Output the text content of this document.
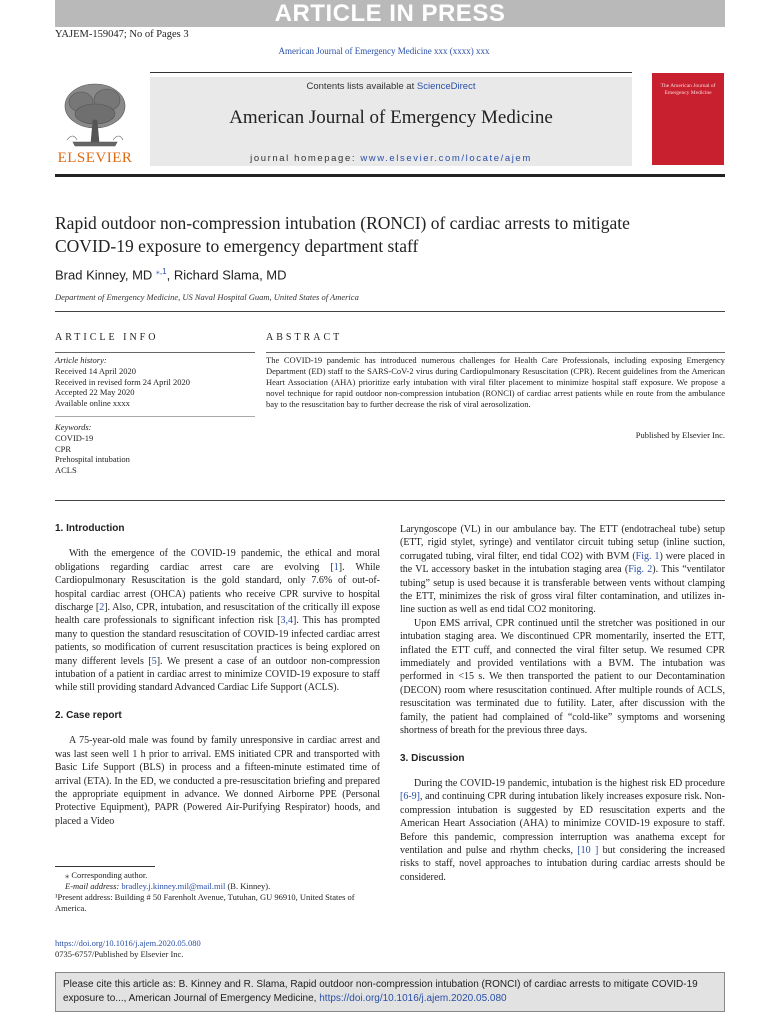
ARTICLE IN PRESS
YAJEM-159047; No of Pages 3
American Journal of Emergency Medicine xxx (xxxx) xxx
ELSEVIER
Contents lists available at ScienceDirect
American Journal of Emergency Medicine
journal homepage: www.elsevier.com/locate/ajem
The American Journal of Emergency Medicine
Rapid outdoor non-compression intubation (RONCI) of cardiac arrests to mitigate COVID-19 exposure to emergency department staff
Brad Kinney, MD $^{⁎,1}$, Richard Slama, MD
Department of Emergency Medicine, US Naval Hospital Guam, United States of America
ARTICLE INFO	ABSTRACT
Article history:
Received 14 April 2020
Received in revised form 24 April 2020
Accepted 22 May 2020
Available online xxxx
Keywords:
COVID-19
CPR
Prehospital intubation
ACLS
The COVID-19 pandemic has introduced numerous challenges for Health Care Professionals, including exposing Emergency Department (ED) staff to the SARS-CoV-2 virus during Cardiopulmonary Resuscitation (CPR). Recent guidelines from the American Heart Association (AHA) prioritize early intubation with viral filter placement to minimize hospital staff exposure. We propose a novel technique for rapid outdoor non-compression intubation (RONCI) of cardiac arrest patients while en route from the ambulance bay to the resuscitation bay to further decrease the risk of viral aerosolization.
Published by Elsevier Inc.
1. Introduction

With the emergence of the COVID-19 pandemic, the ethical and moral obligations regarding cardiac arrest care are evolving [1]. While Cardiopulmonary Resuscitation is the gold standard, only 7.6% of out-of-hospital cardiac arrest (OHCA) patients who receive CPR survive to hospital discharge [2]. Also, CPR, intubation, and resuscitation of the critically ill expose health care professionals to significant infection risk [3,4]. This has prompted many to question the standard resuscitation of COVID-19 infected cardiac arrest patients, so modification of current resuscitation practices is being explored on many different levels [5]. We present a case of an outdoor non-compression intubation of a patient in cardiac arrest to minimize COVID-19 exposure to staff while still providing standard Advanced Cardiac Life Support (ACLS).

2. Case report

A 75-year-old male was found by family unresponsive in cardiac arrest and was last seen well 1 h prior to arrival. EMS initiated CPR and transported with Basic Life Support (BLS) in process and a fifteen-minute estimated time of arrival (ETA). In the ED, we conducted a pre-resuscitation briefing and prepared the appropriate equipment in advance. We donned Airborne PPE (Personal Protective Equipment), PAPR (Powered Air-Purifying Respirator) hoods, and placed a Video

Laryngoscope (VL) in our ambulance bay. The ETT (endotracheal tube) setup (ETT, rigid stylet, syringe) and ventilator circuit tubing setup (inline suction, corrugated tubing, viral filter, end tidal CO2) with BVM (Fig. 1) were placed in the VL accessory basket in the intubation staging area (Fig. 2). This “ventilator tubing” setup is used because it is transferable between vents without clamping the ETT, minimizes the risk of gross viral filter contamination, and utilizes in-line suction as well as end tidal CO2 monitoring.

Upon EMS arrival, CPR continued until the stretcher was positioned in our intubation staging area. We discontinued CPR momentarily, inserted the ETT, inflated the ETT cuff, and connected the viral filter setup. We resumed CPR immediately and provided ventilations with a BVM. The intubation was performed in <15 s. We then transported the patient to our Decontamination (DECON) room where resuscitation continued. After multiple rounds of ACLS, resuscitation was terminated due to futility. Later, after discussion with the family, the patient had complained of “cold-like” symptoms and worsening shortness of breath for the previous three days.

3. Discussion

During the COVID-19 pandemic, intubation is the highest risk ED procedure [6-9], and continuing CPR during intubation likely increases exposure risk. Non-compression intubation is suggested by ED resuscitation experts and the American Heart Association (AHA) to minimize COVID-19 exposure to staff. Before this pandemic, compression interruption was anathema except for ventilation and pulse and rhythm checks, [10 ] but considering the increased risks to staff, novel approaches to intubation during cardiac arrests should be considered.

⁎ Corresponding author.
E-mail address: bradley.j.kinney.mil@mail.mil (B. Kinney).
¹Present address: Building # 50 Farenholt Avenue, Tutuhan, GU 96910, United States of America.
https://doi.org/10.1016/j.ajem.2020.05.080
0735-6757/Published by Elsevier Inc.
Please cite this article as: B. Kinney and R. Slama, Rapid outdoor non-compression intubation (RONCI) of cardiac arrests to mitigate COVID-19 exposure to..., American Journal of Emergency Medicine, https://doi.org/10.1016/j.ajem.2020.05.080
